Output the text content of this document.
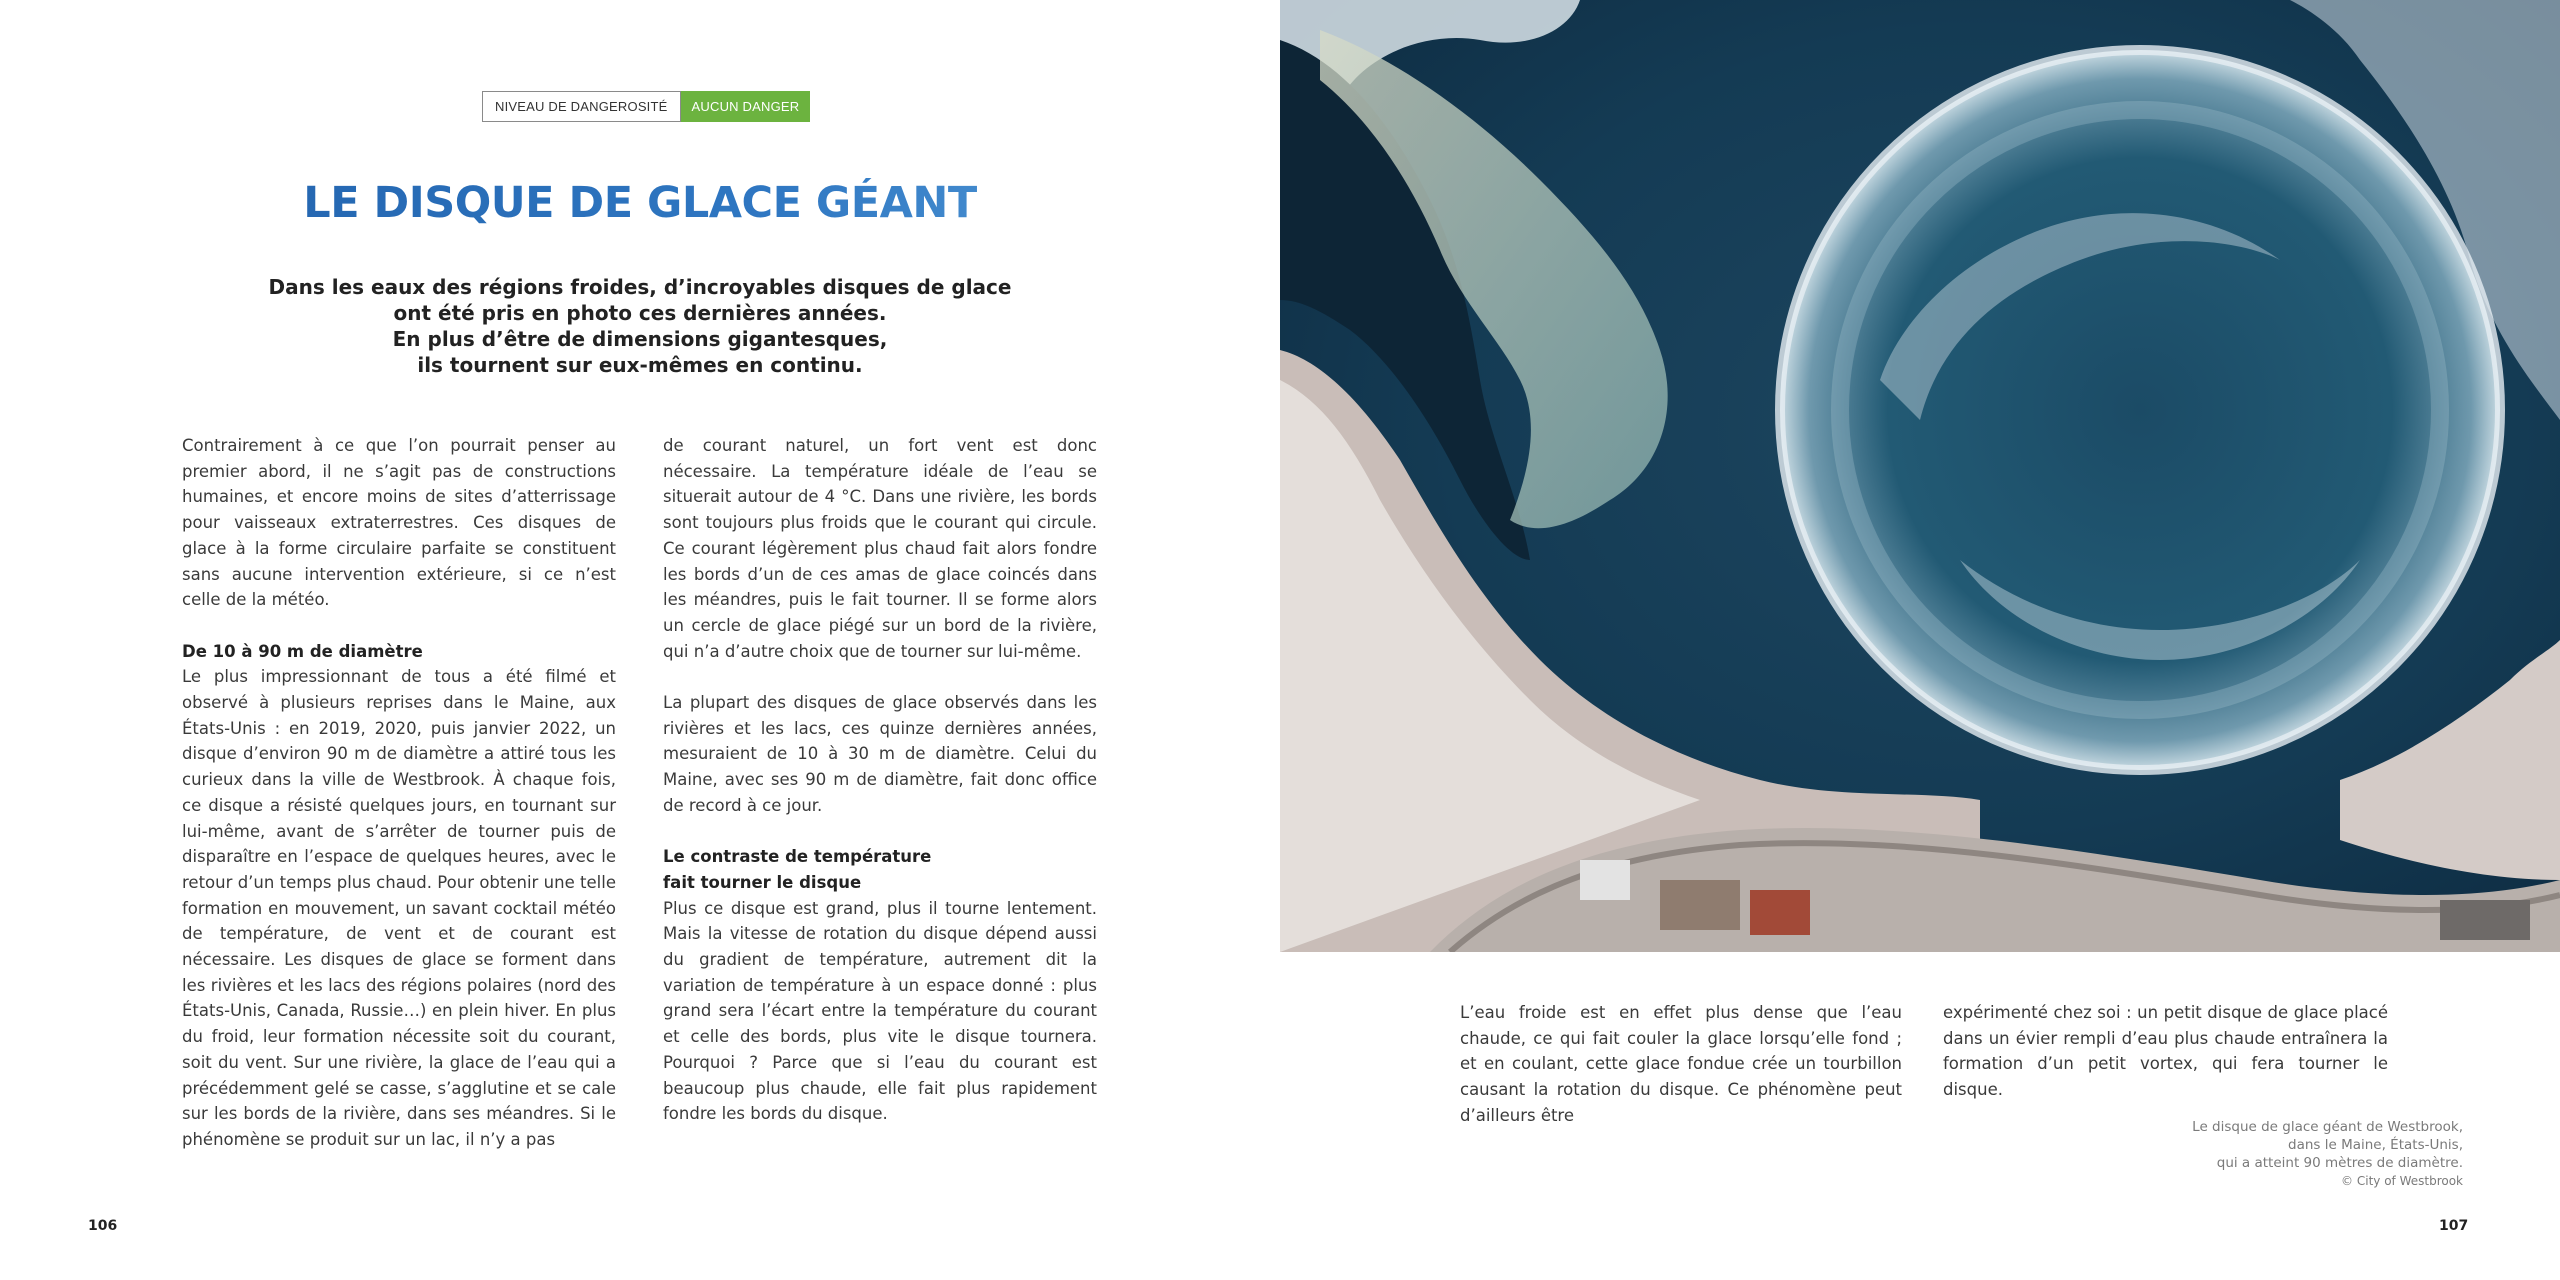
NIVEAU DE DANGEROSITÉ	AUCUN DANGER
LE DISQUE DE GLACE GÉANT
Dans les eaux des régions froides, d’incroyables disques de glace
ont été pris en photo ces dernières années.
En plus d’être de dimensions gigantesques,
ils tournent sur eux-mêmes en continu.

Contrairement à ce que l’on pourrait penser au premier abord, il ne s’agit pas de constructions humaines, et encore moins de sites d’atterrissage pour vaisseaux extraterrestres. Ces disques de glace à la forme circulaire parfaite se constituent sans aucune intervention extérieure, si ce n’est celle de la météo.

De 10 à 90 m de diamètre

Le plus impressionnant de tous a été filmé et observé à plusieurs reprises dans le Maine, aux États-Unis : en 2019, 2020, puis janvier 2022, un disque d’environ 90 m de diamètre a attiré tous les curieux dans la ville de Westbrook. À chaque fois, ce disque a résisté quelques jours, en tournant sur lui-même, avant de s’arrêter de tourner puis de disparaître en l’espace de quelques heures, avec le retour d’un temps plus chaud. Pour obtenir une telle formation en mouvement, un savant cocktail météo de température, de vent et de courant est nécessaire. Les disques de glace se forment dans les rivières et les lacs des régions polaires (nord des États-Unis, Canada, Russie…) en plein hiver. En plus du froid, leur formation nécessite soit du courant, soit du vent. Sur une rivière, la glace de l’eau qui a précédemment gelé se casse, s’agglutine et se cale sur les bords de la rivière, dans ses méandres. Si le phénomène se produit sur un lac, il n’y a pas

de courant naturel, un fort vent est donc nécessaire. La température idéale de l’eau se situerait autour de 4 °C. Dans une rivière, les bords sont toujours plus froids que le courant qui circule. Ce courant légèrement plus chaud fait alors fondre les bords d’un de ces amas de glace coincés dans les méandres, puis le fait tourner. Il se forme alors un cercle de glace piégé sur un bord de la rivière, qui n’a d’autre choix que de tourner sur lui-même.

La plupart des disques de glace observés dans les rivières et les lacs, ces quinze dernières années, mesuraient de 10 à 30 m de diamètre. Celui du Maine, avec ses 90 m de diamètre, fait donc office de record à ce jour.

Le contraste de température
fait tourner le disque

Plus ce disque est grand, plus il tourne lentement. Mais la vitesse de rotation du disque dépend aussi du gradient de température, autrement dit la variation de température à un espace donné : plus grand sera l’écart entre la température du courant et celle des bords, plus vite le disque tournera. Pourquoi ? Parce que si l’eau du courant est beaucoup plus chaude, elle fait plus rapidement fondre les bords du disque.

106

L’eau froide est en effet plus dense que l’eau chaude, ce qui fait couler la glace lorsqu’elle fond ; et en coulant, cette glace fondue crée un tourbillon causant la rotation du disque. Ce phénomène peut d’ailleurs être

expérimenté chez soi : un petit disque de glace placé dans un évier rempli d’eau plus chaude entraînera la formation d’un petit vortex, qui fera tourner le disque.

Le disque de glace géant de Westbrook,
dans le Maine, États-Unis,
qui a atteint 90 mètres de diamètre.
© City of Westbrook
107
